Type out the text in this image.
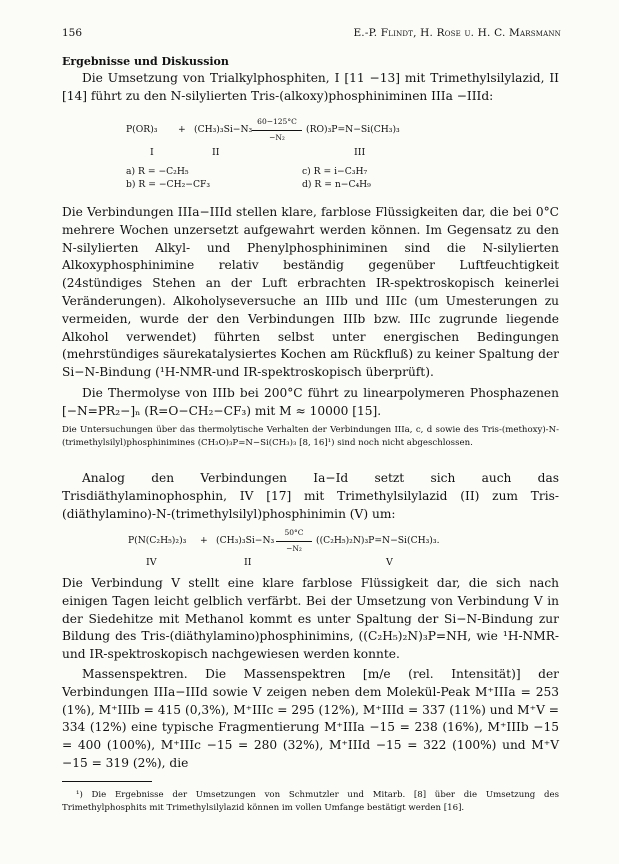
156	E.-P. Flindt, H. Rose u. H. C. Marsmann
Ergebnisse und Diskussion

Die Umsetzung von Trialkylphosphiten, I [11 −13] mit Trimethylsilylazid, II [14] führt zu den N-silylierten Tris-(alkoxy)phosphiniminen IIIa −IIId:

P(OR)₃ + (CH₃)₃Si−N₃
60−125°C
−N₂
(RO)₃P=N−Si(CH₃)₃
I	II	III
a) R = −C₂H₅
b) R = −CH₂−CF₃
c) R = i−C₃H₇
d) R = n−C₄H₉

Die Verbindungen IIIa−IIId stellen klare, farblose Flüssigkeiten dar, die bei 0°C mehrere Wochen unzersetzt aufgewahrt werden können. Im Gegensatz zu den N-silylierten Alkyl- und Phenylphosphiniminen sind die N-silylierten Alkoxyphosphinimine relativ beständig gegenüber Luftfeuchtigkeit (24stündiges Stehen an der Luft erbrachten IR-spektroskopisch keinerlei Veränderungen). Alkoholyseversuche an IIIb und IIIc (um Umesterungen zu vermeiden, wurde der den Verbindungen IIIb bzw. IIIc zugrunde liegende Alkohol verwendet) führten selbst unter energischen Bedingungen (mehrstündiges säurekatalysiertes Kochen am Rückfluß) zu keiner Spaltung der Si−N-Bindung (¹H-NMR-und IR-spektroskopisch überprüft).

Die Thermolyse von IIIb bei 200°C führt zu linearpolymeren Phosphazenen [−N=PR₂−]ₙ (R=O−CH₂−CF₃) mit M ≈ 10000 [15].

Die Untersuchungen über das thermolytische Verhalten der Verbindungen IIIa, c, d sowie des Tris-(methoxy)-N-(trimethylsilyl)phosphinimines (CH₃O)₃P=N−Si(CH₃)₃ [8, 16]¹) sind noch nicht abgeschlossen.

Analog den Verbindungen Ia−Id setzt sich auch das Trisdiäthylaminophosphin, IV [17] mit Trimethylsilylazid (II) zum Tris-(diäthylamino)-N-(trimethylsilyl)phosphinimin (V) um:

P(N(C₂H₅)₂)₃ + (CH₃)₃Si−N₃
50°C
−N₂
((C₂H₅)₂N)₃P=N−Si(CH₃)₃.
IV	II	V

Die Verbindung V stellt eine klare farblose Flüssigkeit dar, die sich nach einigen Tagen leicht gelblich verfärbt. Bei der Umsetzung von Verbindung V in der Siedehitze mit Methanol kommt es unter Spaltung der Si−N-Bindung zur Bildung des Tris-(diäthylamino)phosphinimins, ((C₂H₅)₂N)₃P=NH, wie ¹H-NMR- und IR-spektroskopisch nachgewiesen werden konnte.

Massenspektren. Die Massenspektren [m/e (rel. Intensität)] der Verbindungen IIIa−IIId sowie V zeigen neben dem Molekül-Peak M⁺IIIa = 253 (1%), M⁺IIIb = 415 (0,3%), M⁺IIIc = 295 (12%), M⁺IIId = 337 (11%) und M⁺V = 334 (12%) eine typische Fragmentierung M⁺IIIa −15 = 238 (16%), M⁺IIIb −15 = 400 (100%), M⁺IIIc −15 = 280 (32%), M⁺IIId −15 = 322 (100%) und M⁺V −15 = 319 (2%), die

¹) Die Ergebnisse der Umsetzungen von Schmutzler und Mitarb. [8] über die Umsetzung des Trimethylphosphits mit Trimethylsilylazid können im vollen Umfange bestätigt werden [16].
